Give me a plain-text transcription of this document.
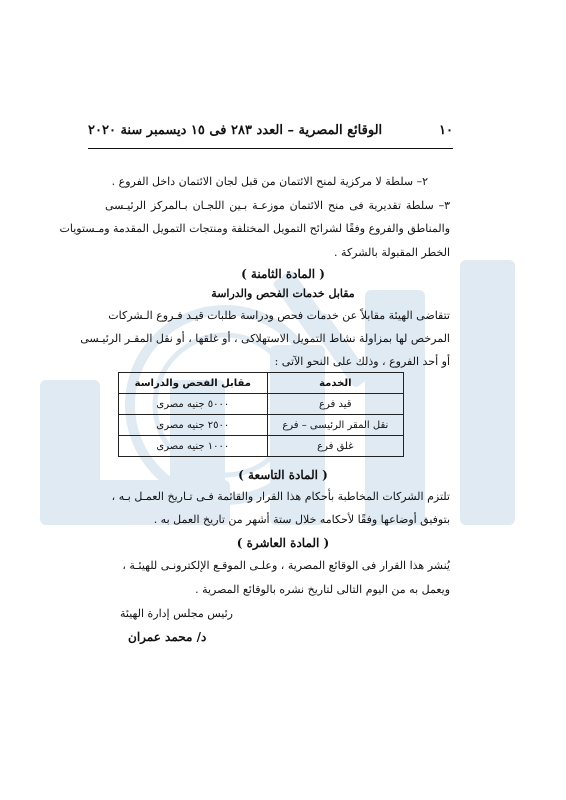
١٠
الوقائع المصرية – العدد ٢٨٣ فى ١٥ ديسمبر سنة ٢٠٢٠
٢– سلطة لا مركزية لمنح الائتمان من قبل لجان الائتمان داخل الفروع .
٣– سلطة تقديرية فى منح الائتمان موزعـة بـين اللجـان بـالمركز الرئيـسى
والمناطق والفروع وفقًا لشرائح التمويل المختلفة ومنتجات التمويل المقدمة ومـستويات
الخطر المقبولة بالشركة .
( المادة الثامنة )
مقابل خدمات الفحص والدراسة
تتقاضى الهيئة مقابلاً عن خدمات فحص ودراسة طلبات قيـد فـروع الـشركات
المرخص لها بمزاولة نشاط التمويل الاستهلاكى ، أو غلقها ، أو نقل المقـر الرئيـسى
أو أحد الفروع ، وذلك على النحو الآتى :
الخدمة	مقابل الفحص والدراسة
قيد فرع	٥٠٠٠ جنيه مصرى
نقل المقر الرئيسى – فرع	٢٥٠٠ جنيه مصرى
غلق فرع	١٠٠٠ جنيه مصرى
( المادة التاسعة )
تلتزم الشركات المخاطبة بأحكام هذا القرار والقائمة فـى تـاريخ العمـل بـه ،
بتوفيق أوضاعها وفقًا لأحكامه خلال ستة أشهر من تاريخ العمل به .
( المادة العاشرة )
يُنشر هذا القرار فى الوقائع المصرية ، وعلـى الموقـع الإلكترونـى للهيئـة ،
ويعمل به من اليوم التالى لتاريخ نشره بالوقائع المصرية .
رئيس مجلس إدارة الهيئة
د/ محمد عمران
